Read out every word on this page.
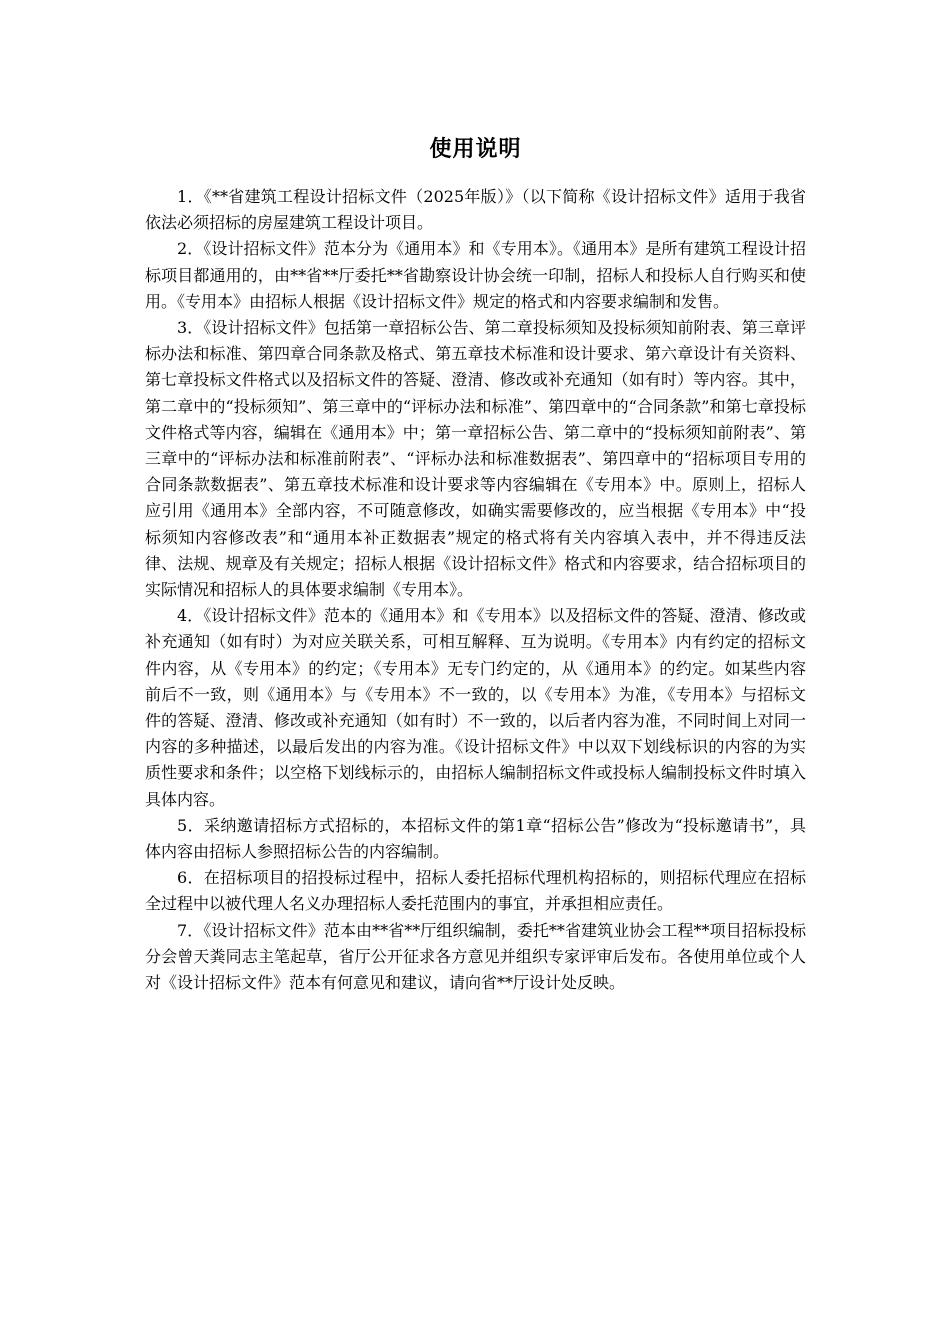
使用说明

1．《**省建筑工程设计招标文件（2025年版）》（以下简称《设计招标文件》适用于我省依法必须招标的房屋建筑工程设计项目。

2．《设计招标文件》范本分为《通用本》和《专用本》。《通用本》是所有建筑工程设计招标项目都通用的，由**省**厅委托**省勘察设计协会统一印制，招标人和投标人自行购买和使用。《专用本》由招标人根据《设计招标文件》规定的格式和内容要求编制和发售。

3．《设计招标文件》包括第一章招标公告、第二章投标须知及投标须知前附表、第三章评标办法和标准、第四章合同条款及格式、第五章技术标准和设计要求、第六章设计有关资料、第七章投标文件格式以及招标文件的答疑、澄清、修改或补充通知（如有时）等内容。其中，第二章中的“投标须知”、第三章中的“评标办法和标准”、第四章中的“合同条款”和第七章投标文件格式等内容，编辑在《通用本》中；第一章招标公告、第二章中的“投标须知前附表”、第三章中的“评标办法和标准前附表”、“评标办法和标准数据表”、第四章中的“招标项目专用的合同条款数据表”、第五章技术标准和设计要求等内容编辑在《专用本》中。原则上，招标人应引用《通用本》全部内容，不可随意修改，如确实需要修改的，应当根据《专用本》中“投标须知内容修改表”和“通用本补正数据表”规定的格式将有关内容填入表中，并不得违反法律、法规、规章及有关规定；招标人根据《设计招标文件》格式和内容要求，结合招标项目的实际情况和招标人的具体要求编制《专用本》。

4．《设计招标文件》范本的《通用本》和《专用本》以及招标文件的答疑、澄清、修改或补充通知（如有时）为对应关联关系，可相互解释、互为说明。《专用本》内有约定的招标文件内容，从《专用本》的约定；《专用本》无专门约定的，从《通用本》的约定。如某些内容前后不一致，则《通用本》与《专用本》不一致的，以《专用本》为准，《专用本》与招标文件的答疑、澄清、修改或补充通知（如有时）不一致的，以后者内容为准，不同时间上对同一内容的多种描述，以最后发出的内容为准。《设计招标文件》中以双下划线标识的内容的为实质性要求和条件；以空格下划线标示的，由招标人编制招标文件或投标人编制投标文件时填入具体内容。

5．采纳邀请招标方式招标的，本招标文件的第1章“招标公告”修改为“投标邀请书”，具体内容由招标人参照招标公告的内容编制。

6．在招标项目的招投标过程中，招标人委托招标代理机构招标的，则招标代理应在招标全过程中以被代理人名义办理招标人委托范围内的事宜，并承担相应责任。

7．《设计招标文件》范本由**省**厅组织编制，委托**省建筑业协会工程**项目招标投标分会曾天粪同志主笔起草，省厅公开征求各方意见并组织专家评审后发布。各使用单位或个人对《设计招标文件》范本有何意见和建议，请向省**厅设计处反映。
